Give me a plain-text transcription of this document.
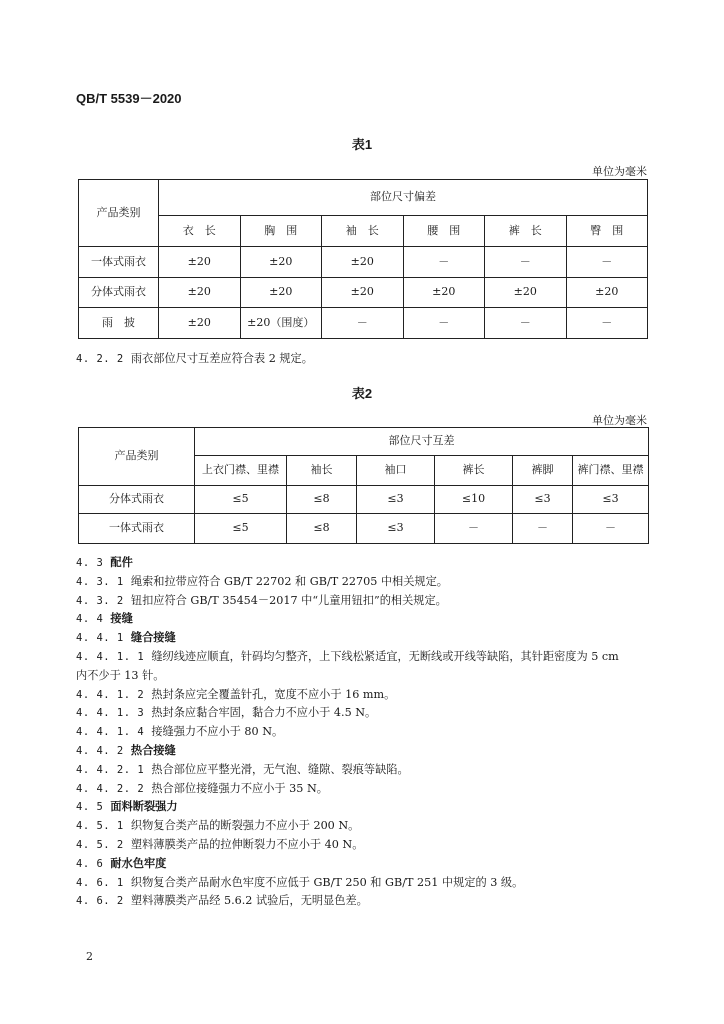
QB/T 5539－2020
表1
单位为毫米
产品类别	部位尺寸偏差					
	衣　长	胸　围	袖　长	腰　围	裤　长	臀　围
一体式雨衣	±20	±20	±20	－	－	－
分体式雨衣	±20	±20	±20	±20	±20	±20
雨　披	±20	±20（围度）	－	－	－	－
4. 2. 2 雨衣部位尺寸互差应符合表 2 规定。
表2
单位为毫米
产品类别	部位尺寸互差					
	上衣门襟、里襟	袖长	袖口	裤长	裤脚	裤门襟、里襟
分体式雨衣	≤5	≤8	≤3	≤10	≤3	≤3
一体式雨衣	≤5	≤8	≤3	－	－	－
4. 3 配件
4. 3. 1 绳索和拉带应符合 GB/T 22702 和 GB/T 22705 中相关规定。
4. 3. 2 钮扣应符合 GB/T 35454－2017 中“儿童用钮扣”的相关规定。
4. 4 接缝
4. 4. 1 缝合接缝
4. 4. 1. 1 缝纫线迹应顺直，针码均匀整齐，上下线松紧适宜，无断线或开线等缺陷，其针距密度为 5 cm
内不少于 13 针。
4. 4. 1. 2 热封条应完全覆盖针孔，宽度不应小于 16 mm。
4. 4. 1. 3 热封条应黏合牢固，黏合力不应小于 4.5 N。
4. 4. 1. 4 接缝强力不应小于 80 N。
4. 4. 2 热合接缝
4. 4. 2. 1 热合部位应平整光滑，无气泡、缝隙、裂痕等缺陷。
4. 4. 2. 2 热合部位接缝强力不应小于 35 N。
4. 5 面料断裂强力
4. 5. 1 织物复合类产品的断裂强力不应小于 200 N。
4. 5. 2 塑料薄膜类产品的拉伸断裂力不应小于 40 N。
4. 6 耐水色牢度
4. 6. 1 织物复合类产品耐水色牢度不应低于 GB/T 250 和 GB/T 251 中规定的 3 级。
4. 6. 2 塑料薄膜类产品经 5.6.2 试验后，无明显色差。
2
